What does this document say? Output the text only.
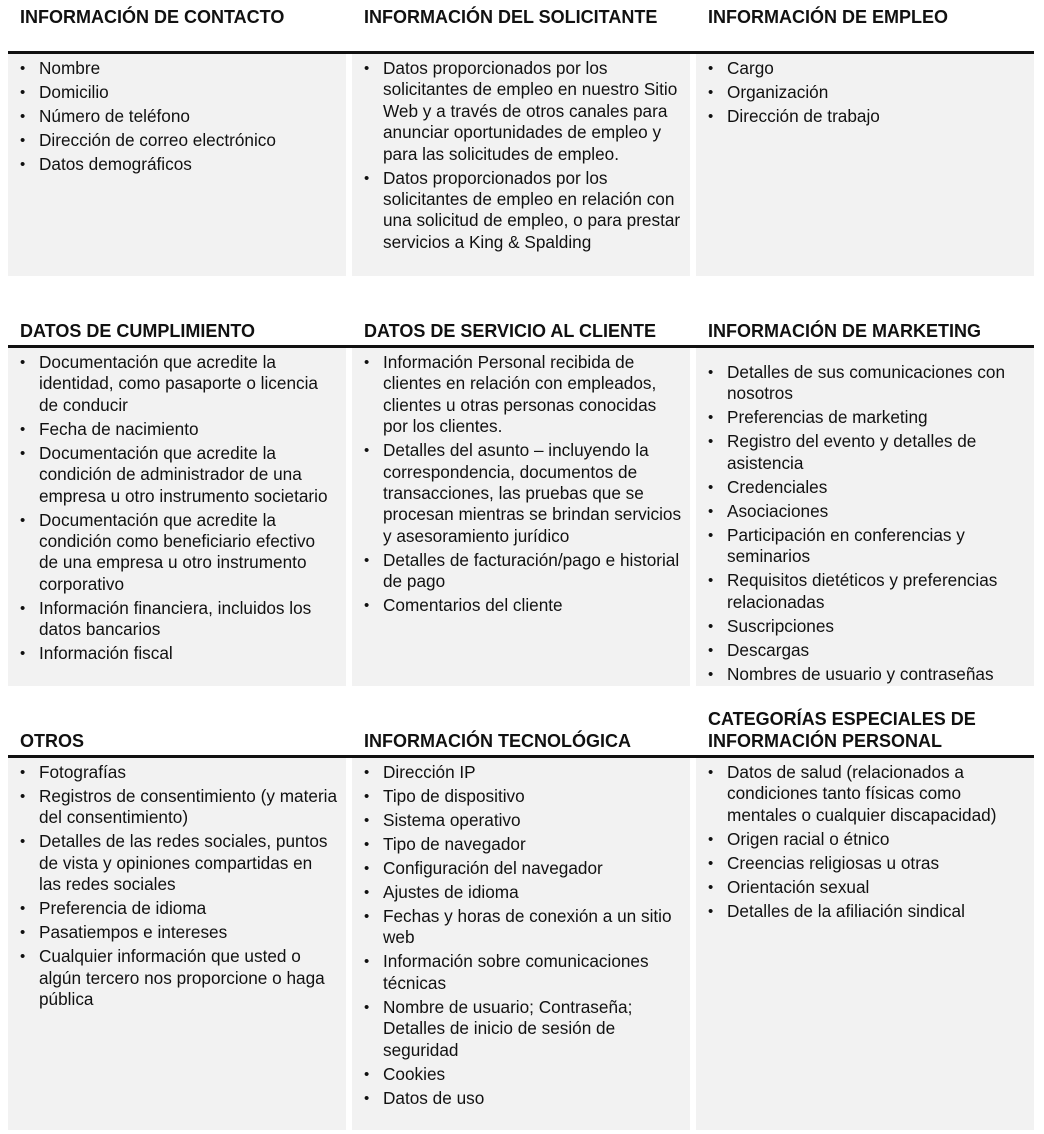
INFORMACIÓN DE CONTACTO
• Nombre
• Domicilio
• Número de teléfono
• Dirección de correo electrónico
• Datos demográficos
INFORMACIÓN DEL SOLICITANTE
• Datos proporcionados por los solicitantes de empleo en nuestro Sitio Web y a través de otros canales para anunciar oportunidades de empleo y para las solicitudes de empleo.
• Datos proporcionados por los solicitantes de empleo en relación con una solicitud de empleo, o para prestar servicios a King & Spalding
INFORMACIÓN DE EMPLEO
• Cargo
• Organización
• Dirección de trabajo
DATOS DE CUMPLIMIENTO
• Documentación que acredite la identidad, como pasaporte o licencia de conducir
• Fecha de nacimiento
• Documentación que acredite la condición de administrador de una empresa u otro instrumento societario
• Documentación que acredite la condición como beneficiario efectivo de una empresa u otro instrumento corporativo
• Información financiera, incluidos los datos bancarios
• Información fiscal
DATOS DE SERVICIO AL CLIENTE
• Información Personal recibida de clientes en relación con empleados, clientes u otras personas conocidas por los clientes.
• Detalles del asunto – incluyendo la correspondencia, documentos de transacciones, las pruebas que se procesan mientras se brindan servicios y asesoramiento jurídico
• Detalles de facturación/pago e historial de pago
• Comentarios del cliente
INFORMACIÓN DE MARKETING
• Detalles de sus comunicaciones con nosotros
• Preferencias de marketing
• Registro del evento y detalles de asistencia
• Credenciales
• Asociaciones
• Participación en conferencias y seminarios
• Requisitos dietéticos y preferencias relacionadas
• Suscripciones
• Descargas
• Nombres de usuario y contraseñas
OTROS
• Fotografías
• Registros de consentimiento (y materia del consentimiento)
• Detalles de las redes sociales, puntos de vista y opiniones compartidas en las redes sociales
• Preferencia de idioma
• Pasatiempos e intereses
• Cualquier información que usted o algún tercero nos proporcione o haga pública
INFORMACIÓN TECNOLÓGICA
• Dirección IP
• Tipo de dispositivo
• Sistema operativo
• Tipo de navegador
• Configuración del navegador
• Ajustes de idioma
• Fechas y horas de conexión a un sitio web
• Información sobre comunicaciones técnicas
• Nombre de usuario; Contraseña; Detalles de inicio de sesión de seguridad
• Cookies
• Datos de uso
CATEGORÍAS ESPECIALES DE INFORMACIÓN PERSONAL
• Datos de salud (relacionados a condiciones tanto físicas como mentales o cualquier discapacidad)
• Origen racial o étnico
• Creencias religiosas u otras
• Orientación sexual
• Detalles de la afiliación sindical
